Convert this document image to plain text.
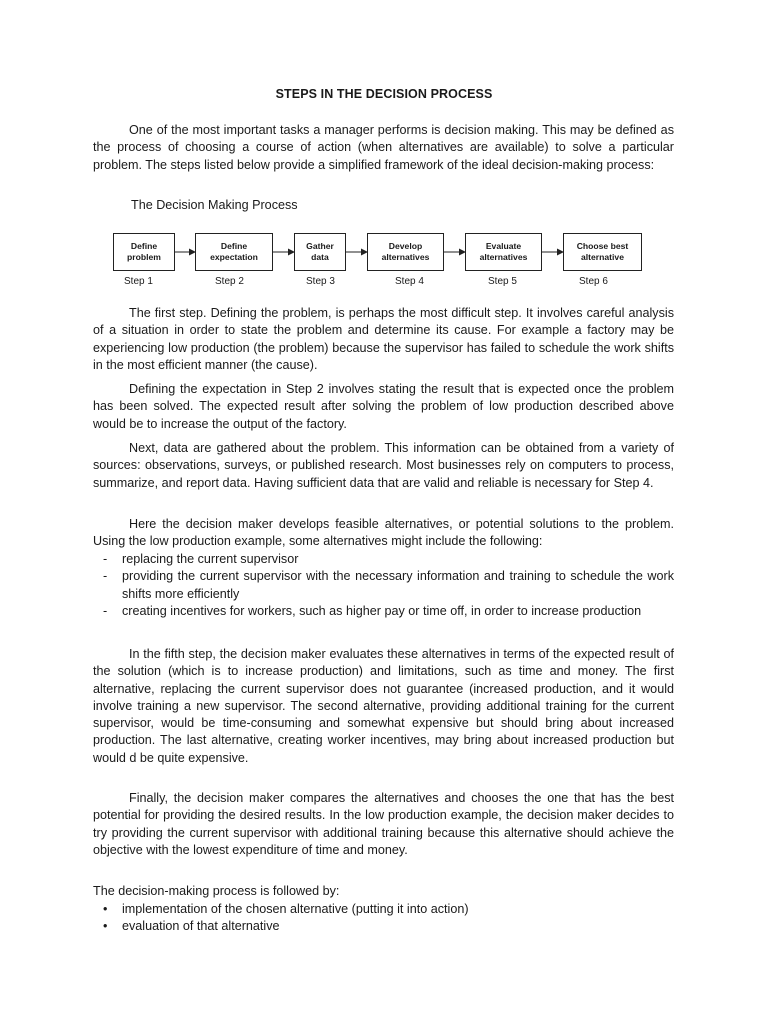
STEPS IN THE DECISION PROCESS

One of the most important tasks a manager performs is decision making. This may be defined as the process of choosing a course of action (when alternatives are available) to solve a particular problem. The steps listed below provide a simplified framework of the ideal decision-making process:

The Decision Making Process
Define
problem
Define
expectation
Gather
data
Develop
alternatives
Evaluate
alternatives
Choose best
alternative
Step 1	Step 2	Step 3	Step 4	Step 5	Step 6

The first step. Defining the problem, is perhaps the most difficult step. It involves careful analysis of a situation in order to state the problem and determine its cause. For example a factory may be experiencing low production (the problem) because the supervisor has failed to schedule the work shifts in the most efficient manner (the cause).

Defining the expectation in Step 2 involves stating the result that is expected once the problem has been solved. The expected result after solving the problem of low production described above would be to increase the output of the factory.

Next, data are gathered about the problem. This information can be obtained from a variety of sources: observations, surveys, or published research. Most businesses rely on computers to process, summarize, and report data. Having sufficient data that are valid and reliable is necessary for Step 4.

Here the decision maker develops feasible alternatives, or potential solutions to the problem. Using the low production example, some alternatives might include the following:

- replacing the current supervisor
- providing the current supervisor with the necessary information and training to schedule the work shifts more efficiently
- creating incentives for workers, such as higher pay or time off, in order to increase production

In the fifth step, the decision maker evaluates these alternatives in terms of the expected result of the solution (which is to increase production) and limitations, such as time and money. The first alternative, replacing the current supervisor does not guarantee (increased production, and it would involve training a new supervisor. The second alternative, providing additional training for the current supervisor, would be time-consuming and somewhat expensive but should bring about increased production. The last alternative, creating worker incentives, may bring about increased production but would d be quite expensive.

Finally, the decision maker compares the alternatives and chooses the one that has the best potential for providing the desired results. In the low production example, the decision maker decides to try providing the current supervisor with additional training because this alternative should achieve the objective with the lowest expenditure of time and money.

The decision-making process is followed by:

• implementation of the chosen alternative (putting it into action)
• evaluation of that alternative
